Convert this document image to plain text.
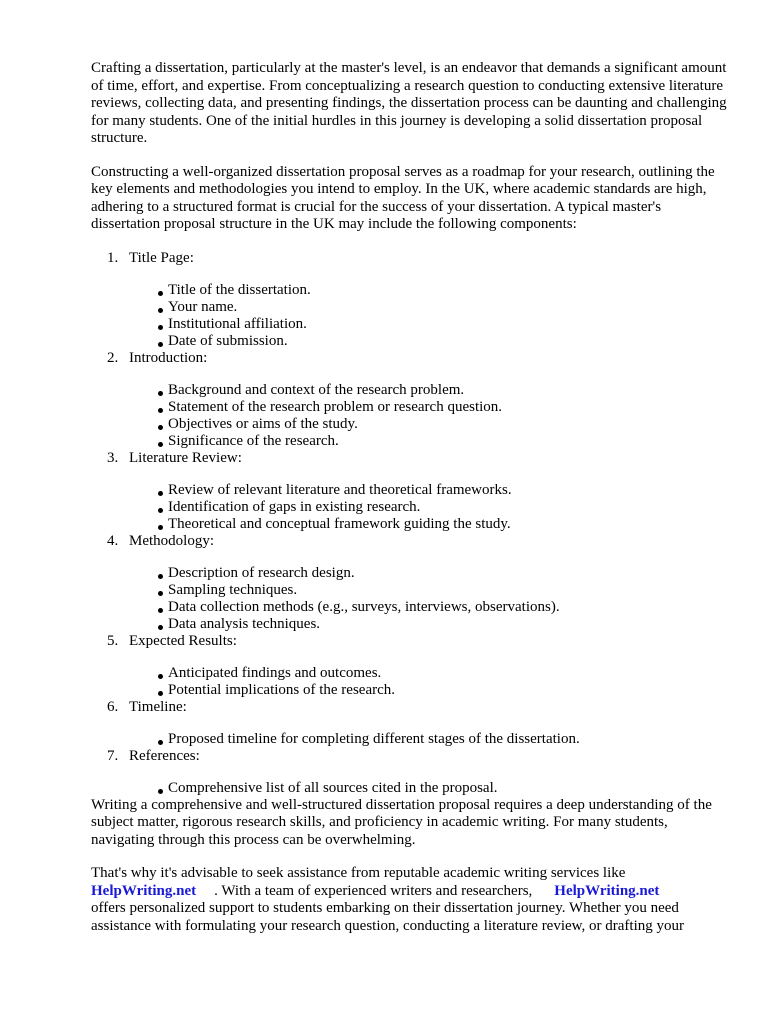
Crafting a dissertation, particularly at the master's level, is an endeavor that demands a significant amount of time, effort, and expertise. From conceptualizing a research question to conducting extensive literature reviews, collecting data, and presenting findings, the dissertation process can be daunting and challenging for many students. One of the initial hurdles in this journey is developing a solid dissertation proposal structure.

Constructing a well-organized dissertation proposal serves as a roadmap for your research, outlining the key elements and methodologies you intend to employ. In the UK, where academic standards are high, adhering to a structured format is crucial for the success of your dissertation. A typical master's dissertation proposal structure in the UK may include the following components:

1. Title Page:
Title of the dissertation.
Your name.
Institutional affiliation.
Date of submission.
2. Introduction:
Background and context of the research problem.
Statement of the research problem or research question.
Objectives or aims of the study.
Significance of the research.
3. Literature Review:
Review of relevant literature and theoretical frameworks.
Identification of gaps in existing research.
Theoretical and conceptual framework guiding the study.
4. Methodology:
Description of research design.
Sampling techniques.
Data collection methods (e.g., surveys, interviews, observations).
Data analysis techniques.
5. Expected Results:
Anticipated findings and outcomes.
Potential implications of the research.
6. Timeline:
Proposed timeline for completing different stages of the dissertation.
7. References:
Comprehensive list of all sources cited in the proposal.

Writing a comprehensive and well-structured dissertation proposal requires a deep understanding of the subject matter, rigorous research skills, and proficiency in academic writing. For many students, navigating through this process can be overwhelming.

That's why it's advisable to seek assistance from reputable academic writing services like
HelpWriting.net . With a team of experienced writers and researchers, HelpWriting.net
offers personalized support to students embarking on their dissertation journey. Whether you need assistance with formulating your research question, conducting a literature review, or drafting your
